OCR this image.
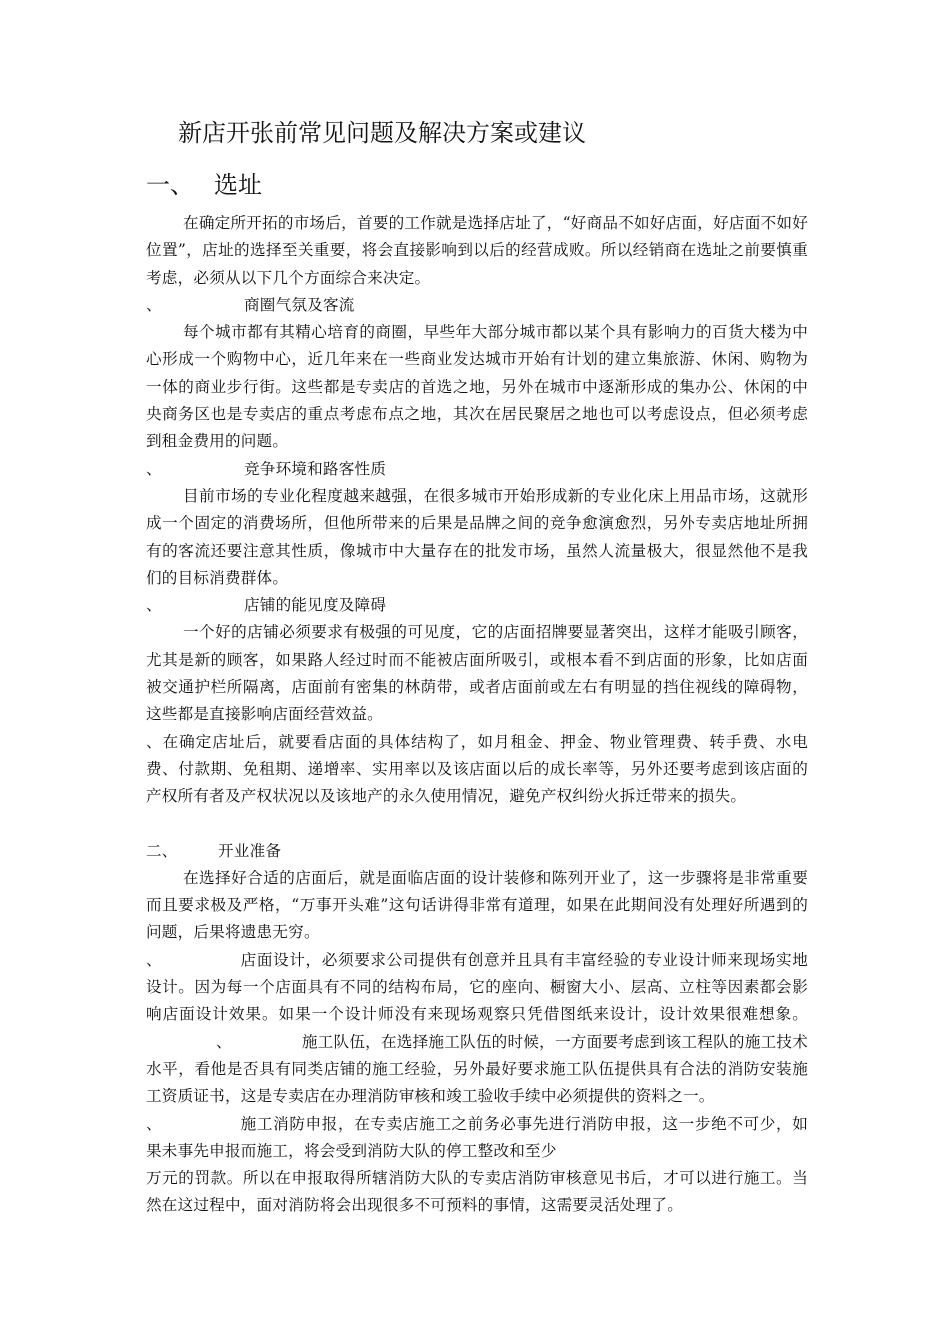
新店开张前常见问题及解决方案或建议
一、 选址

在确定所开拓的市场后，首要的工作就是选择店址了，“好商品不如好店面，好店面不如好位置”，店址的选择至关重要，将会直接影响到以后的经营成败。所以经销商在选址之前要慎重考虑，必须从以下几个方面综合来决定。

、	商圈气氛及客流

每个城市都有其精心培育的商圈，早些年大部分城市都以某个具有影响力的百货大楼为中心形成一个购物中心，近几年来在一些商业发达城市开始有计划的建立集旅游、休闲、购物为一体的商业步行街。这些都是专卖店的首选之地，另外在城市中逐渐形成的集办公、休闲的中央商务区也是专卖店的重点考虑布点之地，其次在居民聚居之地也可以考虑设点，但必须考虑到租金费用的问题。

、	竞争环境和路客性质

目前市场的专业化程度越来越强，在很多城市开始形成新的专业化床上用品市场，这就形成一个固定的消费场所，但他所带来的后果是品牌之间的竞争愈演愈烈，另外专卖店地址所拥有的客流还要注意其性质，像城市中大量存在的批发市场，虽然人流量极大，很显然他不是我们的目标消费群体。

、	店铺的能见度及障碍

一个好的店铺必须要求有极强的可见度，它的店面招牌要显著突出，这样才能吸引顾客，尤其是新的顾客，如果路人经过时而不能被店面所吸引，或根本看不到店面的形象，比如店面被交通护栏所隔离，店面前有密集的林荫带，或者店面前或左右有明显的挡住视线的障碍物，这些都是直接影响店面经营效益。

、在确定店址后，就要看店面的具体结构了，如月租金、押金、物业管理费、转手费、水电费、付款期、免租期、递增率、实用率以及该店面以后的成长率等，另外还要考虑到该店面的产权所有者及产权状况以及该地产的永久使用情况，避免产权纠纷火拆迁带来的损失。

二、	开业准备

在选择好合适的店面后，就是面临店面的设计装修和陈列开业了，这一步骤将是非常重要而且要求极及严格，“万事开头难”这句话讲得非常有道理，如果在此期间没有处理好所遇到的问题，后果将遗患无穷。

、	店面设计，必须要求公司提供有创意并且具有丰富经验的专业设计师来现场实地设计。因为每一个店面具有不同的结构布局，它的座向、橱窗大小、层高、立柱等因素都会影响店面设计效果。如果一个设计师没有来现场观察只凭借图纸来设计，设计效果很难想象。、	施工队伍，在选择施工队伍的时候，一方面要考虑到该工程队的施工技术水平，看他是否具有同类店铺的施工经验，另外最好要求施工队伍提供具有合法的消防安装施工资质证书，这是专卖店在办理消防审核和竣工验收手续中必须提供的资料之一。

、	施工消防申报，在专卖店施工之前务必事先进行消防申报，这一步绝不可少，如果未事先申报而施工，将会受到消防大队的停工整改和至少
万元的罚款。所以在申报取得所辖消防大队的专卖店消防审核意见书后，才可以进行施工。当然在这过程中，面对消防将会出现很多不可预料的事情，这需要灵活处理了。
